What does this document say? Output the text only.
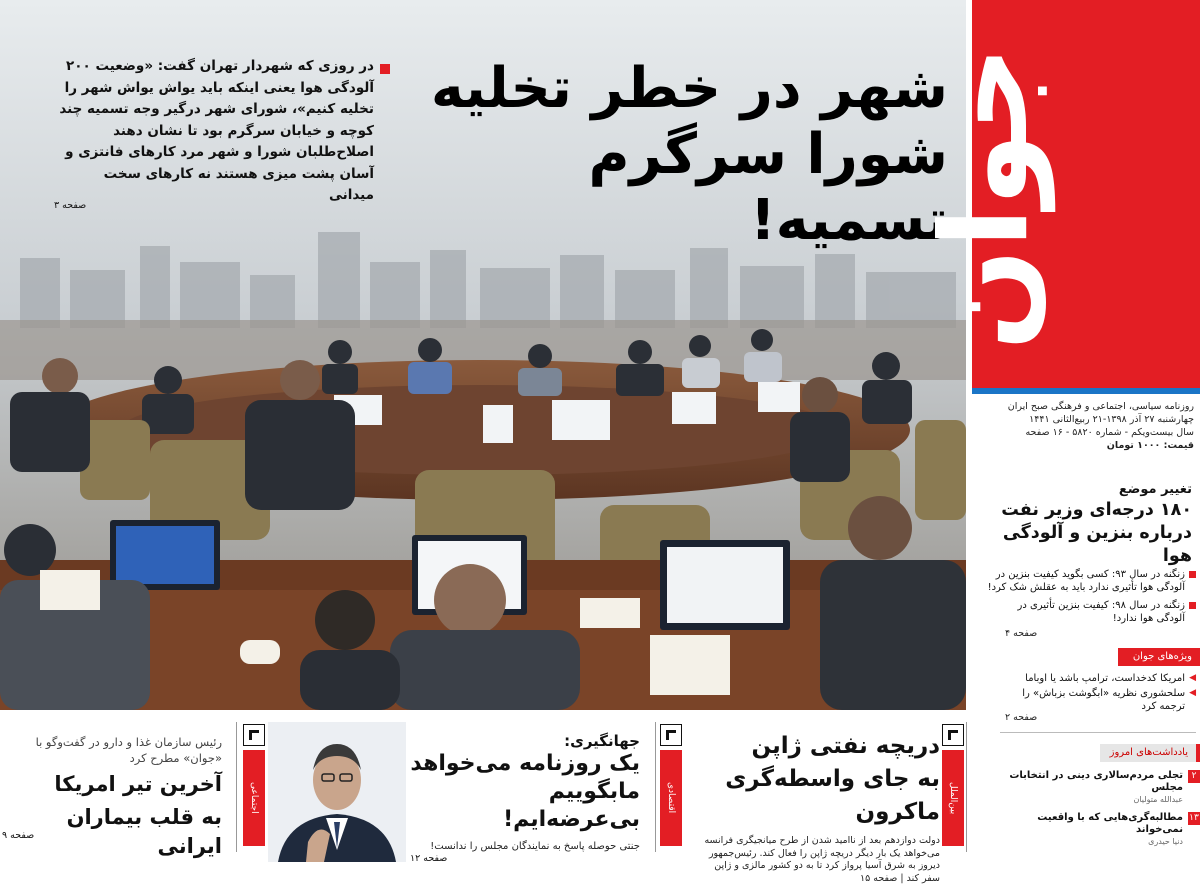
شهر در خطر تخلیه
شورا سرگرم تسمیه!
در روزی که شهردار تهران گفت: «وضعیت ۲۰۰ آلودگی هوا یعنی اینکه باید یواش یواش شهر را تخلیه کنیم»، شورای شهر درگیر وجه تسمیه چند کوچه و خیابان سرگرم بود تا نشان دهند اصلاح‌طلبان شورا و شهر مرد کارهای فانتزی و آسان پشت میزی هستند نه کارهای سخت میدانی
صفحه ۳	جوان
روزنامه سیاسی، اجتماعی و فرهنگی صبح ایران
چهارشنبه ۲۷ آذر ۱۳۹۸-۲۱ ربیع‌الثانی ۱۴۴۱
سال بیست‌ویکم - شماره ۵۸۲۰ - ۱۶ صفحه
قیمت: ۱۰۰۰ تومان
تغییر موضع
۱۸۰ درجه‌ای وزیر نفت درباره بنزین و آلودگی هوا
زنگنه در سال ۹۳: کسی بگوید کیفیت بنزین در آلودگی هوا تأثیری ندارد باید به عقلش شک کرد!
زنگنه در سال ۹۸: کیفیت بنزین تأثیری در آلودگی هوا ندارد!
صفحه ۴
ویژه‌های جوان
◀
امریکا کدخداست، ترامپ باشد یا اوباما
◀
سلحشوری نظریه «ابگوشت بزباش» را ترجمه کرد
صفحه ۲
یادداشت‌های امروز
۲
تجلی مردم‌سالاری دینی در انتخابات مجلس
عبدالله متولیان
۱۳
مطالبه‌گری‌هایی که با واقعیت نمی‌خواند
دنیا حیدری
بین‌الملل
دریچه نفتی ژاپن
به جای واسطه‌گری ماکرون
دولت دوازدهم بعد از ناامید شدن از طرح میانجیگری فرانسه می‌خواهد یک بار دیگر دریچه ژاپن را فعال کند. رئیس‌جمهور دیروز به شرق آسیا پرواز کرد تا به دو کشور مالزی و ژاپن سفر کند | صفحه ۱۵
اقتصادی
جهانگیری:
یک روزنامه می‌خواهد
مابگوییم بی‌عرضه‌ایم!
جنتی حوصله پاسخ به نمایندگان مجلس را ندانست!
صفحه ۱۲
اجتماعی
رئیس سازمان غذا و دارو در گفت‌وگو با «جوان» مطرح کرد
آخرین تیر امریکا
به قلب بیماران ایرانی
صفحه ۹
